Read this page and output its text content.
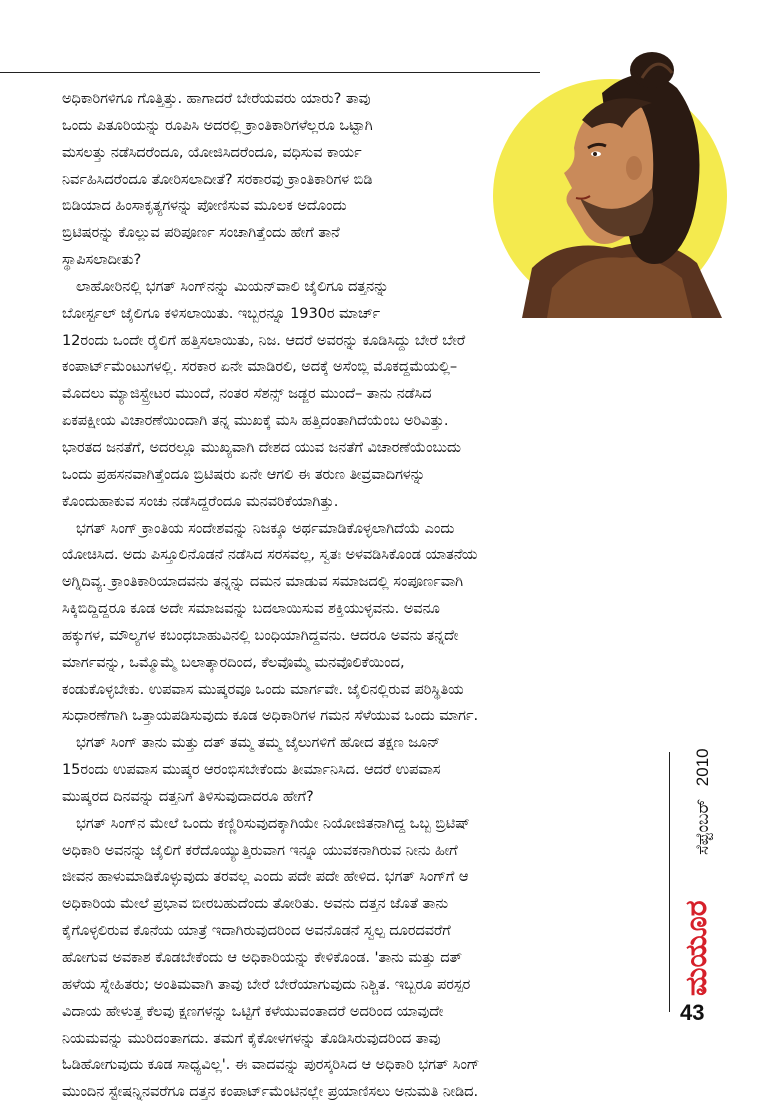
ಅಧಿಕಾರಿಗಳಿಗೂ ಗೊತ್ತಿತ್ತು. ಹಾಗಾದರೆ ಬೇರೆಯವರು ಯಾರು? ತಾವು
ಒಂದು ಪಿತೂರಿಯನ್ನು ರೂಪಿಸಿ ಅದರಲ್ಲಿ ಕ್ರಾಂತಿಕಾರಿಗಳೆಲ್ಲರೂ ಒಟ್ಟಾಗಿ
ಮಸಲತ್ತು ನಡೆಸಿದರೆಂದೂ, ಯೋಜಿಸಿದರೆಂದೂ, ವಧಿಸುವ ಕಾರ್ಯ
ನಿರ್ವಹಿಸಿದರೆಂದೂ ತೋರಿಸಲಾದೀತೆ? ಸರಕಾರವು ಕ್ರಾಂತಿಕಾರಿಗಳ ಬಿಡಿ
ಬಿಡಿಯಾದ ಹಿಂಸಾಕೃತ್ಯಗಳನ್ನು ಪೋಣಿಸುವ ಮೂಲಕ ಅದೊಂದು
ಬ್ರಿಟಿಷರನ್ನು ಕೊಲ್ಲುವ ಪರಿಪೂರ್ಣ ಸಂಚಾಗಿತ್ತೆಂದು ಹೇಗೆ ತಾನೆ
ಸ್ಥಾಪಿಸಲಾದೀತು?
ಲಾಹೋರಿನಲ್ಲಿ ಭಗತ್ ಸಿಂಗ್‌ನನ್ನು ಮಿಯನ್‌ವಾಲಿ ಜೈಲಿಗೂ ದತ್ತನನ್ನು
ಬೋರ್ಸ್ಟಲ್ ಜೈಲಿಗೂ ಕಳಿಸಲಾಯಿತು. ಇಬ್ಬರನ್ನೂ 1930ರ ಮಾರ್ಚ್
12ರಂದು ಒಂದೇ ರೈಲಿಗೆ ಹತ್ತಿಸಲಾಯಿತು, ನಿಜ. ಆದರೆ ಅವರನ್ನು ಕೂಡಿಸಿದ್ದು ಬೇರೆ ಬೇರೆ
ಕಂಪಾರ್ಟ್‌ಮೆಂಟುಗಳಲ್ಲಿ. ಸರಕಾರ ಏನೇ ಮಾಡಿರಲಿ, ಅದಕ್ಕೆ ಅಸೆಂಬ್ಲಿ ಮೊಕದ್ದಮೆಯಲ್ಲಿ–
ಮೊದಲು ಮ್ಯಾಜಿಸ್ಟ್ರೇಟರ ಮುಂದೆ, ನಂತರ ಸೆಶನ್ಸ್ ಜಡ್ಜರ ಮುಂದೆ– ತಾನು ನಡೆಸಿದ
ಏಕಪಕ್ಷೀಯ ವಿಚಾರಣೆಯಿಂದಾಗಿ ತನ್ನ ಮುಖಕ್ಕೆ ಮಸಿ ಹತ್ತಿದಂತಾಗಿದೆಯೆಂಬ ಅರಿವಿತ್ತು.
ಭಾರತದ ಜನತೆಗೆ, ಅದರಲ್ಲೂ ಮುಖ್ಯವಾಗಿ ದೇಶದ ಯುವ ಜನತೆಗೆ ವಿಚಾರಣೆಯೆಂಬುದು
ಒಂದು ಪ್ರಹಸನವಾಗಿತ್ತೆಂದೂ ಬ್ರಿಟಿಷರು ಏನೇ ಆಗಲಿ ಈ ತರುಣ ತೀವ್ರವಾದಿಗಳನ್ನು
ಕೊಂದುಹಾಕುವ ಸಂಚು ನಡೆಸಿದ್ದರೆಂದೂ ಮನವರಿಕೆಯಾಗಿತ್ತು.
ಭಗತ್ ಸಿಂಗ್ ಕ್ರಾಂತಿಯ ಸಂದೇಶವನ್ನು ನಿಜಕ್ಕೂ ಅರ್ಥಮಾಡಿಕೊಳ್ಳಲಾಗಿದೆಯೆ ಎಂದು
ಯೋಚಿಸಿದ. ಅದು ಪಿಸ್ತೂಲಿನೊಡನೆ ನಡೆಸಿದ ಸರಸವಲ್ಲ, ಸ್ವತಃ ಅಳವಡಿಸಿಕೊಂಡ ಯಾತನೆಯ
ಅಗ್ನಿದಿವ್ಯ. ಕ್ರಾಂತಿಕಾರಿಯಾದವನು ತನ್ನನ್ನು ದಮನ ಮಾಡುವ ಸಮಾಜದಲ್ಲಿ ಸಂಪೂರ್ಣವಾಗಿ
ಸಿಕ್ಕಿಬಿದ್ದಿದ್ದರೂ ಕೂಡ ಅದೇ ಸಮಾಜವನ್ನು ಬದಲಾಯಿಸುವ ಶಕ್ತಿಯುಳ್ಳವನು. ಅವನೂ
ಹಕ್ಕುಗಳ, ಮೌಲ್ಯಗಳ ಕಬಂಧಬಾಹುವಿನಲ್ಲಿ ಬಂಧಿಯಾಗಿದ್ದವನು. ಆದರೂ ಅವನು ತನ್ನದೇ
ಮಾರ್ಗವನ್ನು, ಒಮ್ಮೊಮ್ಮೆ ಬಲಾತ್ಕಾರದಿಂದ, ಕೆಲವೊಮ್ಮೆ ಮನವೊಲಿಕೆಯಿಂದ,
ಕಂಡುಕೊಳ್ಳಬೇಕು. ಉಪವಾಸ ಮುಷ್ಕರವೂ ಒಂದು ಮಾರ್ಗವೇ. ಜೈಲಿನಲ್ಲಿರುವ ಪರಿಸ್ಥಿತಿಯ
ಸುಧಾರಣೆಗಾಗಿ ಒತ್ತಾಯಪಡಿಸುವುದು ಕೂಡ ಅಧಿಕಾರಿಗಳ ಗಮನ ಸೆಳೆಯುವ ಒಂದು ಮಾರ್ಗ.
ಭಗತ್ ಸಿಂಗ್ ತಾನು ಮತ್ತು ದತ್ ತಮ್ಮ ತಮ್ಮ ಜೈಲುಗಳಿಗೆ ಹೋದ ತಕ್ಷಣ ಜೂನ್
15ರಂದು ಉಪವಾಸ ಮುಷ್ಕರ ಆರಂಭಿಸಬೇಕೆಂದು ತೀರ್ಮಾನಿಸಿದ. ಆದರೆ ಉಪವಾಸ
ಮುಷ್ಕರದ ದಿನವನ್ನು ದತ್ತನಿಗೆ ತಿಳಿಸುವುದಾದರೂ ಹೇಗೆ?
ಭಗತ್ ಸಿಂಗ್‌ನ ಮೇಲೆ ಒಂದು ಕಣ್ಣಿರಿಸುವುದಕ್ಕಾಗಿಯೇ ನಿಯೋಜಿತನಾಗಿದ್ದ ಒಬ್ಬ ಬ್ರಿಟಿಷ್
ಅಧಿಕಾರಿ ಅವನನ್ನು ಜೈಲಿಗೆ ಕರೆದೊಯ್ಯುತ್ತಿರುವಾಗ ಇನ್ನೂ ಯುವಕನಾಗಿರುವ ನೀನು ಹೀಗೆ
ಜೀವನ ಹಾಳುಮಾಡಿಕೊಳ್ಳುವುದು ತರವಲ್ಲ ಎಂದು ಪದೇ ಪದೇ ಹೇಳಿದ. ಭಗತ್ ಸಿಂಗ್‌ಗೆ ಆ
ಅಧಿಕಾರಿಯ ಮೇಲೆ ಪ್ರಭಾವ ಬೀರಬಹುದೆಂದು ತೋರಿತು. ಅವನು ದತ್ತನ ಜೊತೆ ತಾನು
ಕೈಗೊಳ್ಳಲಿರುವ ಕೊನೆಯ ಯಾತ್ರೆ ಇದಾಗಿರುವುದರಿಂದ ಅವನೊಡನೆ ಸ್ವಲ್ಪ ದೂರದವರೆಗೆ
ಹೋಗುವ ಅವಕಾಶ ಕೊಡಬೇಕೆಂದು ಆ ಅಧಿಕಾರಿಯನ್ನು ಕೇಳಿಕೊಂಡ. 'ತಾನು ಮತ್ತು ದತ್
ಹಳೆಯ ಸ್ನೇಹಿತರು; ಅಂತಿಮವಾಗಿ ತಾವು ಬೇರೆ ಬೇರೆಯಾಗುವುದು ನಿಶ್ಚಿತ. ಇಬ್ಬರೂ ಪರಸ್ಪರ
ವಿದಾಯ ಹೇಳುತ್ತ ಕೆಲವು ಕ್ಷಣಗಳನ್ನು ಒಟ್ಟಿಗೆ ಕಳೆಯುವಂತಾದರೆ ಅದರಿಂದ ಯಾವುದೇ
ನಿಯಮವನ್ನು ಮುರಿದಂತಾಗದು. ತಮಗೆ ಕೈಕೋಳಗಳನ್ನು ತೊಡಿಸಿರುವುದರಿಂದ ತಾವು
ಓಡಿಹೋಗುವುದು ಕೂಡ ಸಾಧ್ಯವಿಲ್ಲ'. ಈ ವಾದವನ್ನು ಪುರಸ್ಕರಿಸಿದ ಆ ಅಧಿಕಾರಿ ಭಗತ್ ಸಿಂಗ್
ಮುಂದಿನ ಸ್ಟೇಷನ್ನಿನವರೆಗೂ ದತ್ತನ ಕಂಪಾರ್ಟ್‌ಮೆಂಟಿನಲ್ಲೇ ಪ್ರಯಾಣಿಸಲು ಅನುಮತಿ ನೀಡಿದ.
ಸೆಪ್ಟೆಂಬರ್ 2010
ಮಯೂರ
43
